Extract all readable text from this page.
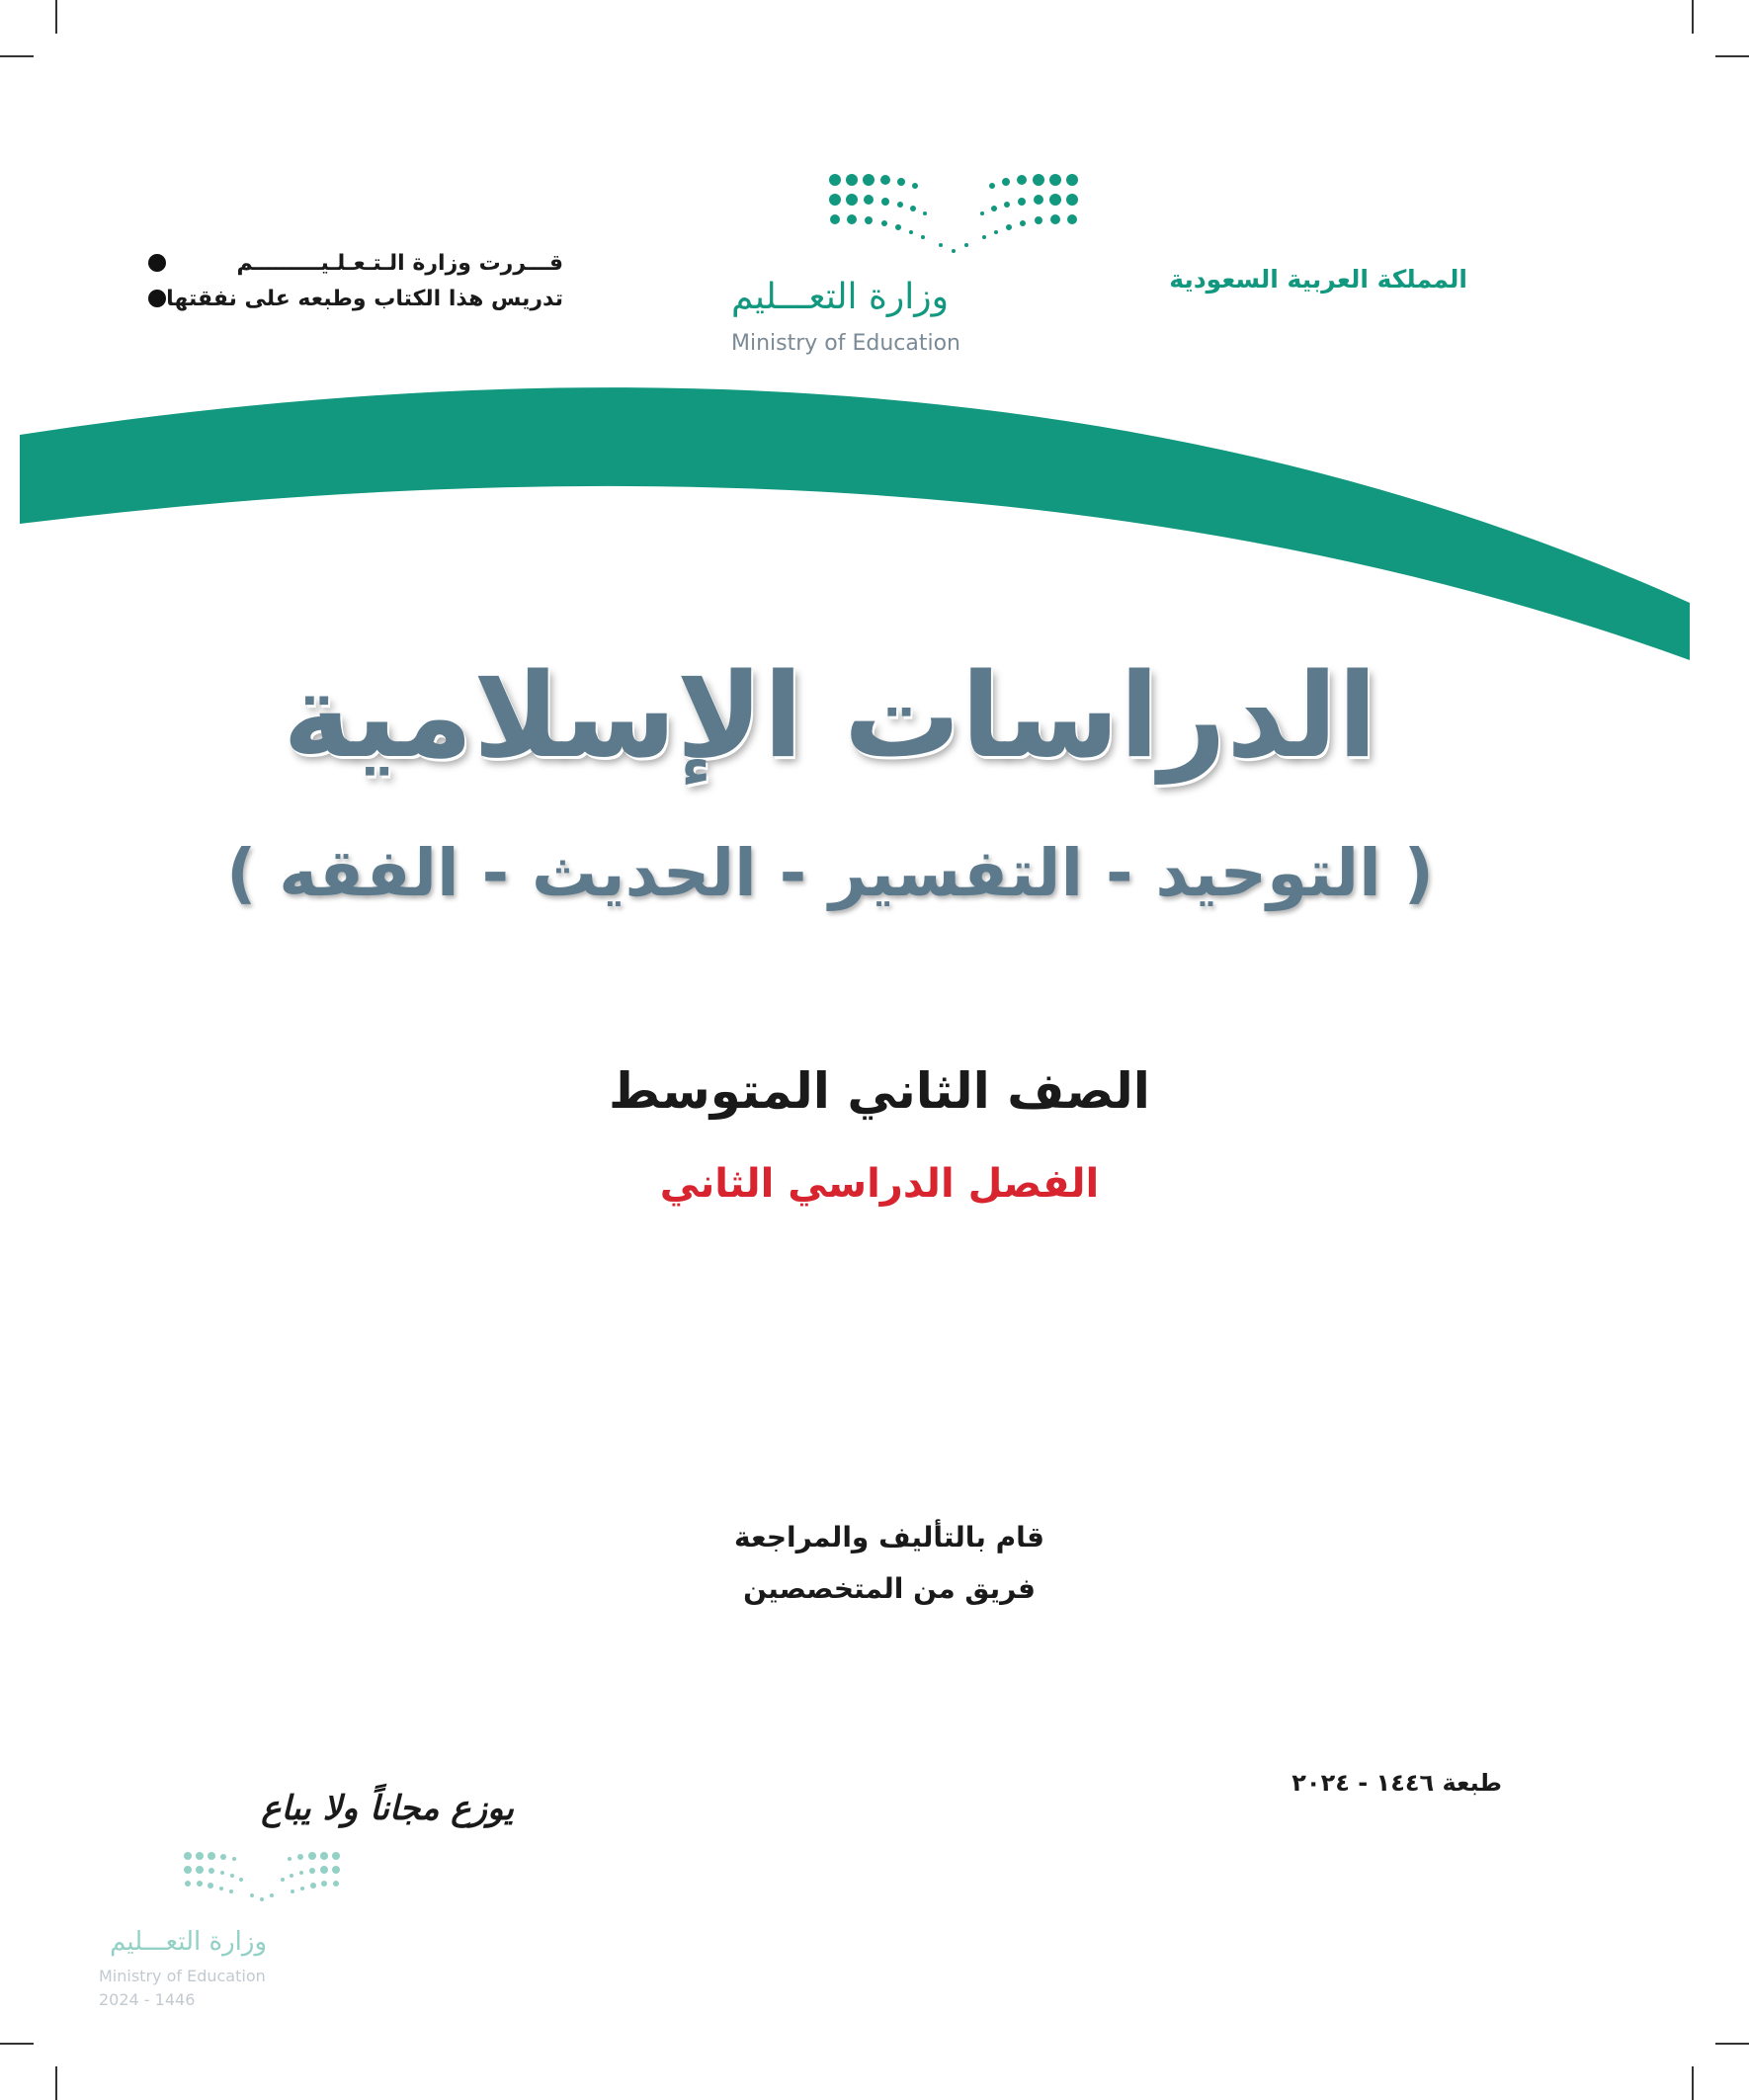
المملكة العربية السعودية
قـــررت وزارة الـتـعـلـيـــــــــم
تدريس هذا الكتاب وطبعه على نفقتها	وزارة التعـــليم
Ministry of Education
الدراسات الإسلامية
( التوحيد - التفسير - الحديث - الفقه )
الصف الثاني المتوسط
الفصل الدراسي الثاني
قام بالتأليف والمراجعة
فريق من المتخصصين
طبعة ١٤٤٦ - ٢٠٢٤
يوزع مجاناً ولا يباع
وزارة التعـــليم
Ministry of Education
2024 - 1446
